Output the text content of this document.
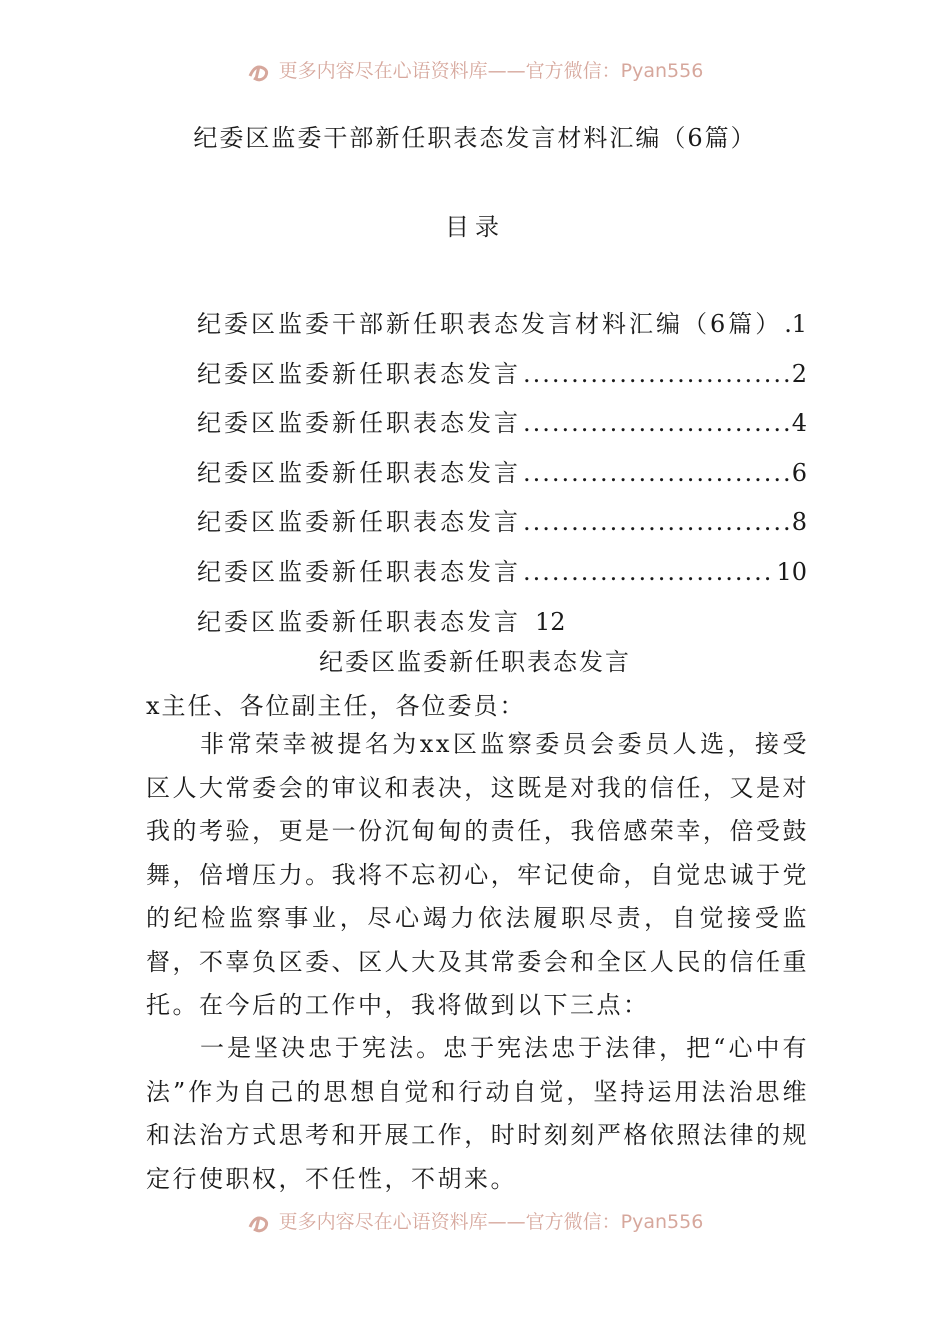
更多内容尽在心语资料库——官方微信：Pyan556
纪委区监委干部新任职表态发言材料汇编（6篇）
目录
纪委区监委干部新任职表态发言材料汇编（6篇） ..... 1
纪委区监委新任职表态发言 .....	2
纪委区监委新任职表态发言 .....	4
纪委区监委新任职表态发言 .....	6
纪委区监委新任职表态发言 .....	8
纪委区监委新任职表态发言 .....	10
纪委区监委新任职表态发言 12
纪委区监委新任职表态发言
x主任、各位副主任，各位委员：

非常荣幸被提名为xx区监察委员会委员人选，接受区人大常委会的审议和表决，这既是对我的信任，又是对我的考验，更是一份沉甸甸的责任，我倍感荣幸，倍受鼓舞，倍增压力。我将不忘初心，牢记使命，自觉忠诚于党的纪检监察事业，尽心竭力依法履职尽责，自觉接受监督，不辜负区委、区人大及其常委会和全区人民的信任重托。在今后的工作中，我将做到以下三点：

一是坚决忠于宪法。忠于宪法忠于法律，把“心中有法”作为自己的思想自觉和行动自觉，坚持运用法治思维和法治方式思考和开展工作，时时刻刻严格依照法律的规定行使职权，不任性，不胡来。

更多内容尽在心语资料库——官方微信：Pyan556
